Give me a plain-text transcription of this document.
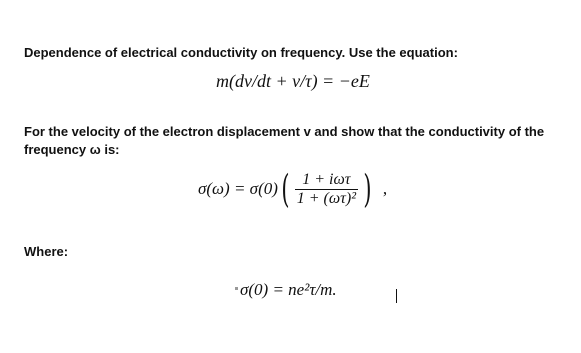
Dependence of electrical conductivity on frequency. Use the equation:
m(dv/dt + v/τ) = −eE
For the velocity of the electron displacement v and show that the conductivity of the
frequency ω is:
σ(ω) = σ(0) ( $\frac{\text{1 + iωτ}}{\text{1 + (ωτ)²}}$ ) ,
Where:
σ(0) = ne²τ/m.
